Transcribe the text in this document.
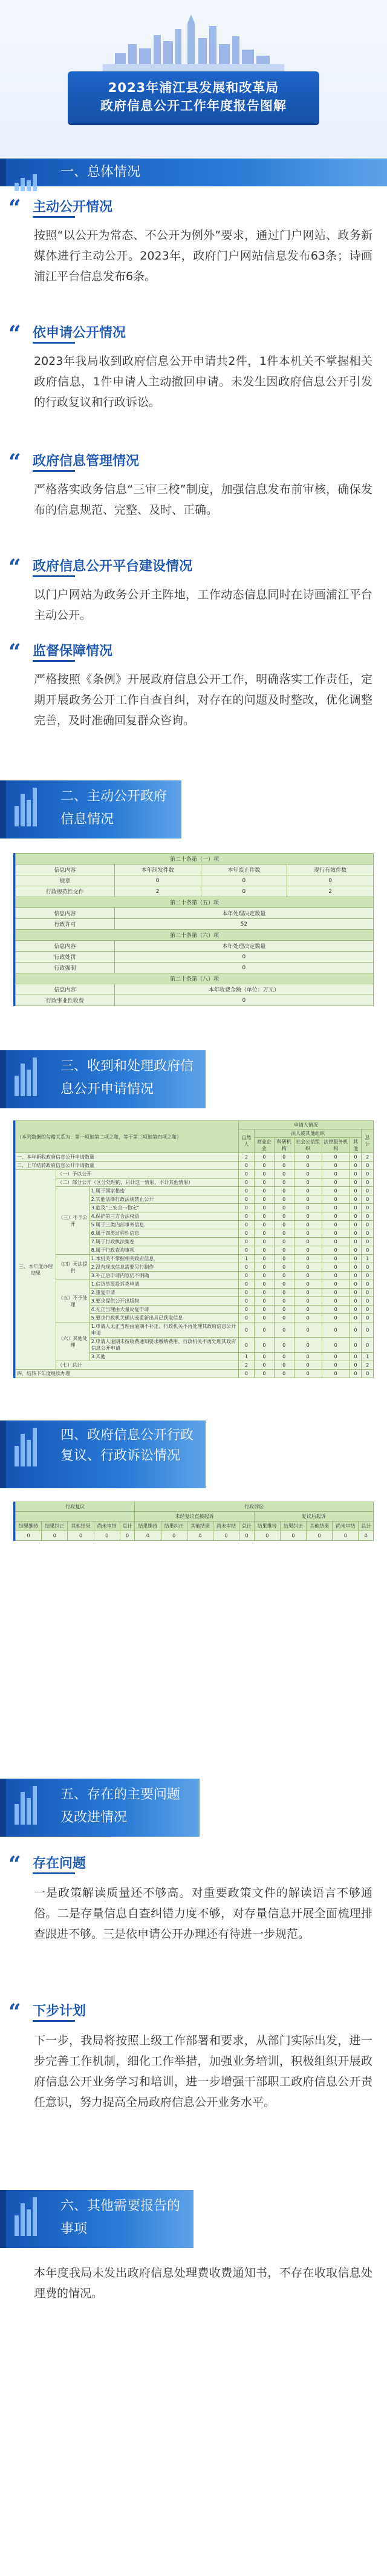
2023年浦江县发展和改革局
政府信息公开工作年度报告图解
一、总体情况
“ 主动公开情况
按照“以公开为常态、不公开为例外”要求，通过门户网站、政务新媒体进行主动公开。2023年，政府门户网站信息发布63条；诗画浦江平台信息发布6条。
“ 依申请公开情况
2023年我局收到政府信息公开申请共2件，1件本机关不掌握相关政府信息，1件申请人主动撤回申请。未发生因政府信息公开引发的行政复议和行政诉讼。
“ 政府信息管理情况
严格落实政务信息“三审三校”制度，加强信息发布前审核，确保发布的信息规范、完整、及时、正确。
“ 政府信息公开平台建设情况
以门户网站为政务公开主阵地，工作动态信息同时在诗画浦江平台主动公开。
“ 监督保障情况
严格按照《条例》开展政府信息公开工作，明确落实工作责任，定期开展政务公开工作自查自纠，对存在的问题及时整改，优化调整完善，及时准确回复群众咨询。
二、主动公开政府信息情况
第二十条第（一）项			
信息内容	本年制发件数	本年废止件数	现行有效件数
规章	0	0	0
行政规范性文件	2	0	2
第二十条第（五）项			
信息内容	本年处理决定数量		
行政许可	52		
第二十条第（六）项			
信息内容	本年处理决定数量		
行政处罚	0		
行政强制	0		
第二十条第（八）项			
信息内容	本年收费金额（单位：万元）		
行政事业性收费	0		
三、收到和处理政府信息公开申请情况
（本列数据的勾稽关系为：第一项加第二项之和，等于第三项加第四项之和）			申请人情况						
			自然人	法人或其他组织					总计
				商业企业	科研机构	社会公益组织	法律服务机构	其他	
一、本年新收政府信息公开申请数量			2	0	0	0	0	0	2
二、上年结转政府信息公开申请数量			0	0	0	0	0	0	0
三、本年度办理结果	（一）予以公开		0	0	0	0	0	0	0
	（二）部分公开（区分处理的，只计这一情形，不计其他情形）		0	0	0	0	0	0	0
	（三）不予公开	1.属于国家秘密	0	0	0	0	0	0	0
		2.其他法律行政法规禁止公开	0	0	0	0	0	0	0
		3.危及“三安全一稳定”	0	0	0	0	0	0	0
		4.保护第三方合法权益	0	0	0	0	0	0	0
		5.属于三类内部事务信息	0	0	0	0	0	0	0
		6.属于四类过程性信息	0	0	0	0	0	0	0
		7.属于行政执法案卷	0	0	0	0	0	0	0
		8.属于行政查询事项	0	0	0	0	0	0	0
	（四）无法提供	1.本机关不掌握相关政府信息	1	0	0	0	0	0	1
		2.没有现成信息需要另行制作	0	0	0	0	0	0	0
		3.补正后申请内容仍不明确	0	0	0	0	0	0	0
	（五）不予处理	1.信访举报投诉类申请	0	0	0	0	0	0	0
		2.重复申请	0	0	0	0	0	0	0
		3.要求提供公开出版物	0	0	0	0	0	0	0
		4.无正当理由大量反复申请	0	0	0	0	0	0	0
		5.要求行政机关确认或重新出具已获取信息	0	0	0	0	0	0	0
	（六）其他处理	1.申请人无正当理由逾期不补正、行政机关不再处理其政府信息公开申请	0	0	0	0	0	0	0
		2.申请人逾期未按收费通知要求缴纳费用、行政机关不再处理其政府信息公开申请	0	0	0	0	0	0	0
		3.其他	1	0	0	0	0	0	1
	（七）总计		2	0	0	0	0	0	2
四、结转下年度继续办理			0	0	0	0	0	0	0
四、政府信息公开行政复议、行政诉讼情况
行政复议					行政诉讼									
					未经复议直接起诉					复议后起诉				
结果维持	结果纠正	其他结果	尚未审结	总计	结果维持	结果纠正	其他结果	尚未审结	总计	结果维持	结果纠正	其他结果	尚未审结	总计
0	0	0	0	0	0	0	0	0	0	0	0	0	0	0
五、存在的主要问题及改进情况
“ 存在问题
一是政策解读质量还不够高。对重要政策文件的解读语言不够通俗。二是存量信息自查纠错力度不够，对存量信息开展全面梳理排查跟进不够。三是依申请公开办理还有待进一步规范。
“ 下步计划
下一步，我局将按照上级工作部署和要求，从部门实际出发，进一步完善工作机制，细化工作举措，加强业务培训，积极组织开展政府信息公开业务学习和培训，进一步增强干部职工政府信息公开责任意识，努力提高全局政府信息公开业务水平。
六、其他需要报告的事项
本年度我局未发出政府信息处理费收费通知书，不存在收取信息处理费的情况。
